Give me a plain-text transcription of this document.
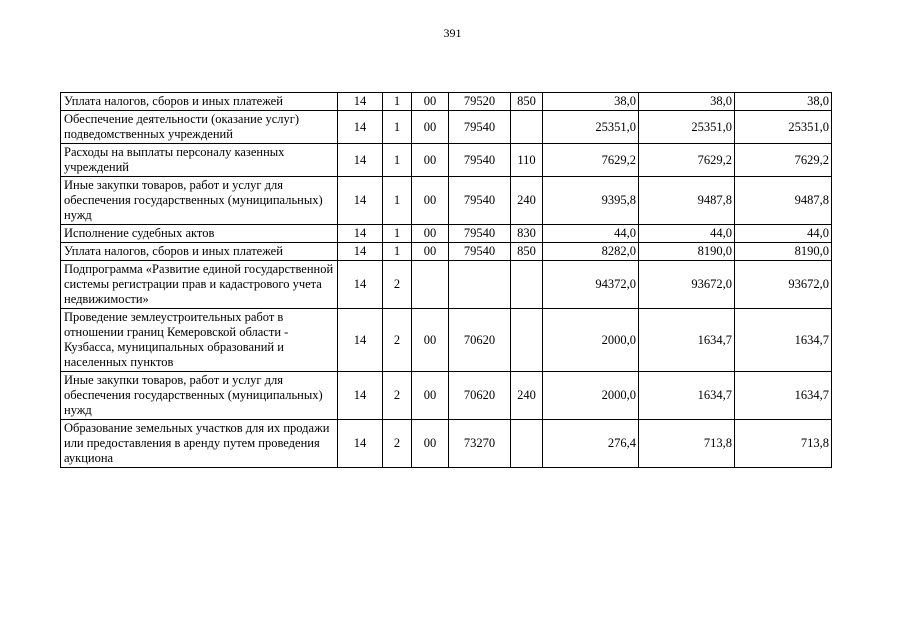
391
Уплата налогов, сборов и иных платежей	14	1	00	79520	850	38,0	38,0	38,0
Обеспечение деятельности (оказание услуг) подведомственных учреждений	14	1	00	79540		25351,0	25351,0	25351,0
Расходы на выплаты персоналу казенных учреждений	14	1	00	79540	110	7629,2	7629,2	7629,2
Иные закупки товаров, работ и услуг для обеспечения государственных (муниципальных) нужд	14	1	00	79540	240	9395,8	9487,8	9487,8
Исполнение судебных актов	14	1	00	79540	830	44,0	44,0	44,0
Уплата налогов, сборов и иных платежей	14	1	00	79540	850	8282,0	8190,0	8190,0
Подпрограмма «Развитие единой государственной системы регистрации прав и кадастрового учета недвижимости»	14	2				94372,0	93672,0	93672,0
Проведение землеустроительных работ в отношении границ Кемеровской области - Кузбасса, муниципальных образований и населенных пунктов	14	2	00	70620		2000,0	1634,7	1634,7
Иные закупки товаров, работ и услуг для обеспечения государственных (муниципальных) нужд	14	2	00	70620	240	2000,0	1634,7	1634,7
Образование земельных участков для их продажи или предоставления в аренду путем проведения аукциона	14	2	00	73270		276,4	713,8	713,8
